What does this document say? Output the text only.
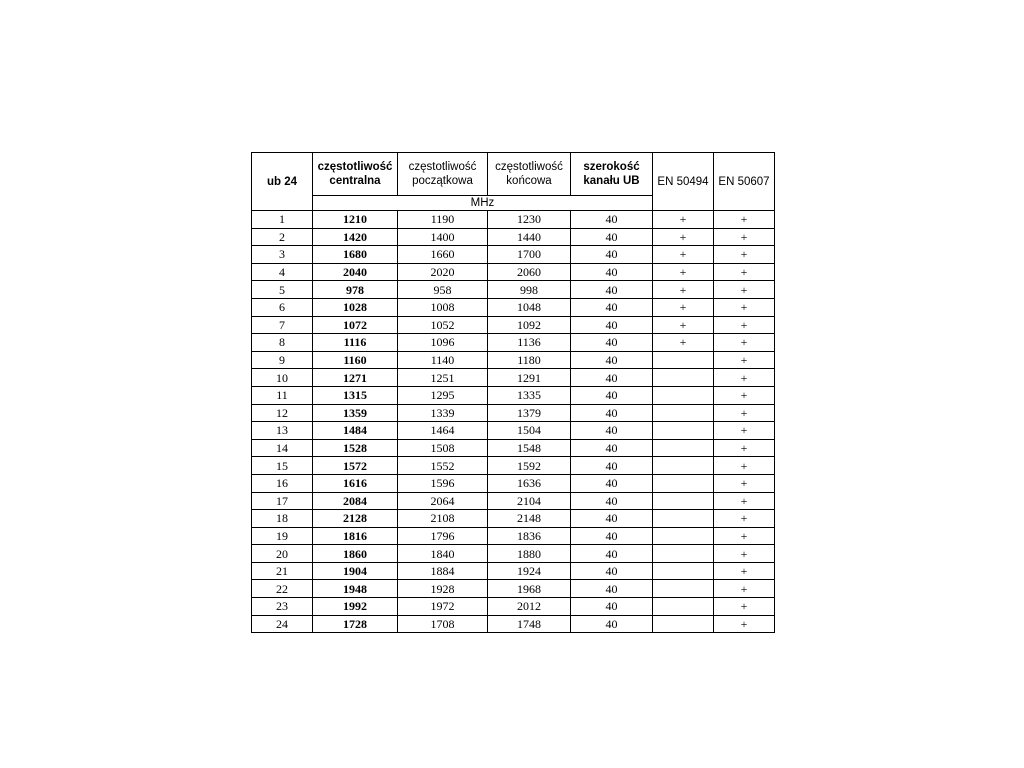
ub 24	częstotliwość centralna	częstotliwość początkowa	częstotliwość końcowa	szerokość kanału UB	EN 50494	EN 50607
	MHz					
1	1210	1190	1230	40	+	+
2	1420	1400	1440	40	+	+
3	1680	1660	1700	40	+	+
4	2040	2020	2060	40	+	+
5	978	958	998	40	+	+
6	1028	1008	1048	40	+	+
7	1072	1052	1092	40	+	+
8	1116	1096	1136	40	+	+
9	1160	1140	1180	40		+
10	1271	1251	1291	40		+
11	1315	1295	1335	40		+
12	1359	1339	1379	40		+
13	1484	1464	1504	40		+
14	1528	1508	1548	40		+
15	1572	1552	1592	40		+
16	1616	1596	1636	40		+
17	2084	2064	2104	40		+
18	2128	2108	2148	40		+
19	1816	1796	1836	40		+
20	1860	1840	1880	40		+
21	1904	1884	1924	40		+
22	1948	1928	1968	40		+
23	1992	1972	2012	40		+
24	1728	1708	1748	40		+
